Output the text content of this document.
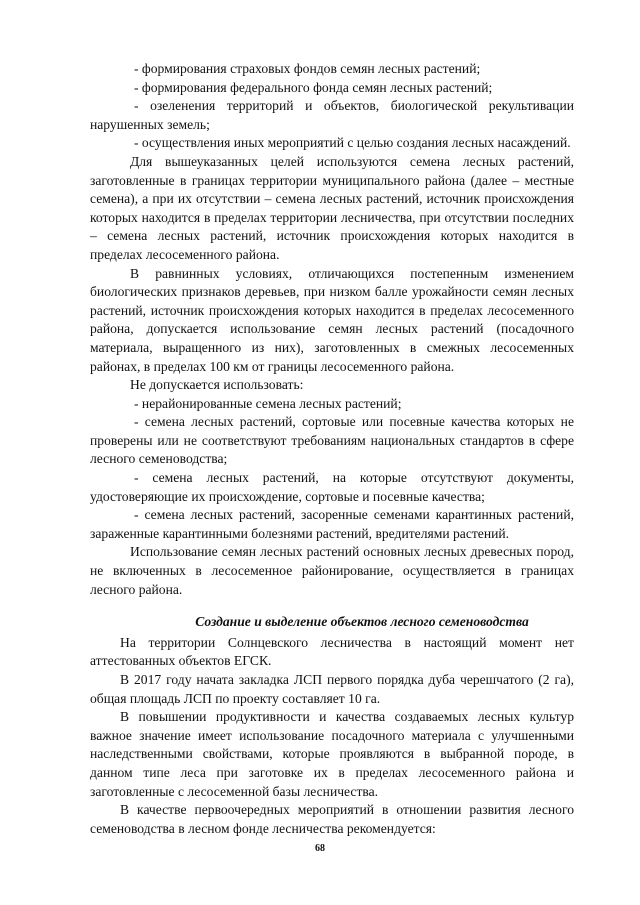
- формирования страховых фондов семян лесных растений;

- формирования федерального фонда семян лесных растений;

- озеленения территорий и объектов, биологической рекультивации нарушенных земель;

- осуществления иных мероприятий с целью создания лесных насаждений.

Для вышеуказанных целей используются семена лесных растений, заготовленные в границах территории муниципального района (далее – местные семена), а при их отсутствии – семена лесных растений, источник происхождения которых находится в пределах территории лесничества, при отсутствии последних – семена лесных растений, источник происхождения которых находится в пределах лесосеменного района.

В равнинных условиях, отличающихся постепенным изменением биологических признаков деревьев, при низком балле урожайности семян лесных растений, источник происхождения которых находится в пределах лесосеменного района, допускается использование семян лесных растений (посадочного материала, выращенного из них), заготовленных в смежных лесосеменных районах, в пределах 100 км от границы лесосеменного района.

Не допускается использовать:

- нерайонированные семена лесных растений;

- семена лесных растений, сортовые или посевные качества которых не проверены или не соответствуют требованиям национальных стандартов в сфере лесного семеноводства;

- семена лесных растений, на которые отсутствуют документы, удостоверяющие их происхождение, сортовые и посевные качества;

- семена лесных растений, засоренные семенами карантинных растений, зараженные карантинными болезнями растений, вредителями растений.

Использование семян лесных растений основных лесных древесных пород, не включенных в лесосеменное районирование, осуществляется в границах лесного района.

Создание и выделение объектов лесного семеноводства

На территории Солнцевского лесничества в настоящий момент нет аттестованных объектов ЕГСК.

В 2017 году начата закладка ЛСП первого порядка дуба черешчатого (2 га), общая площадь ЛСП по проекту составляет 10 га.

В повышении продуктивности и качества создаваемых лесных культур важное значение имеет использование посадочного материала с улучшенными наследственными свойствами, которые проявляются в выбранной породе, в данном типе леса при заготовке их в пределах лесосеменного района и заготовленные с лесосеменной базы лесничества.

В качестве первоочередных мероприятий в отношении развития лесного семеноводства в лесном фонде лесничества рекомендуется:

68
